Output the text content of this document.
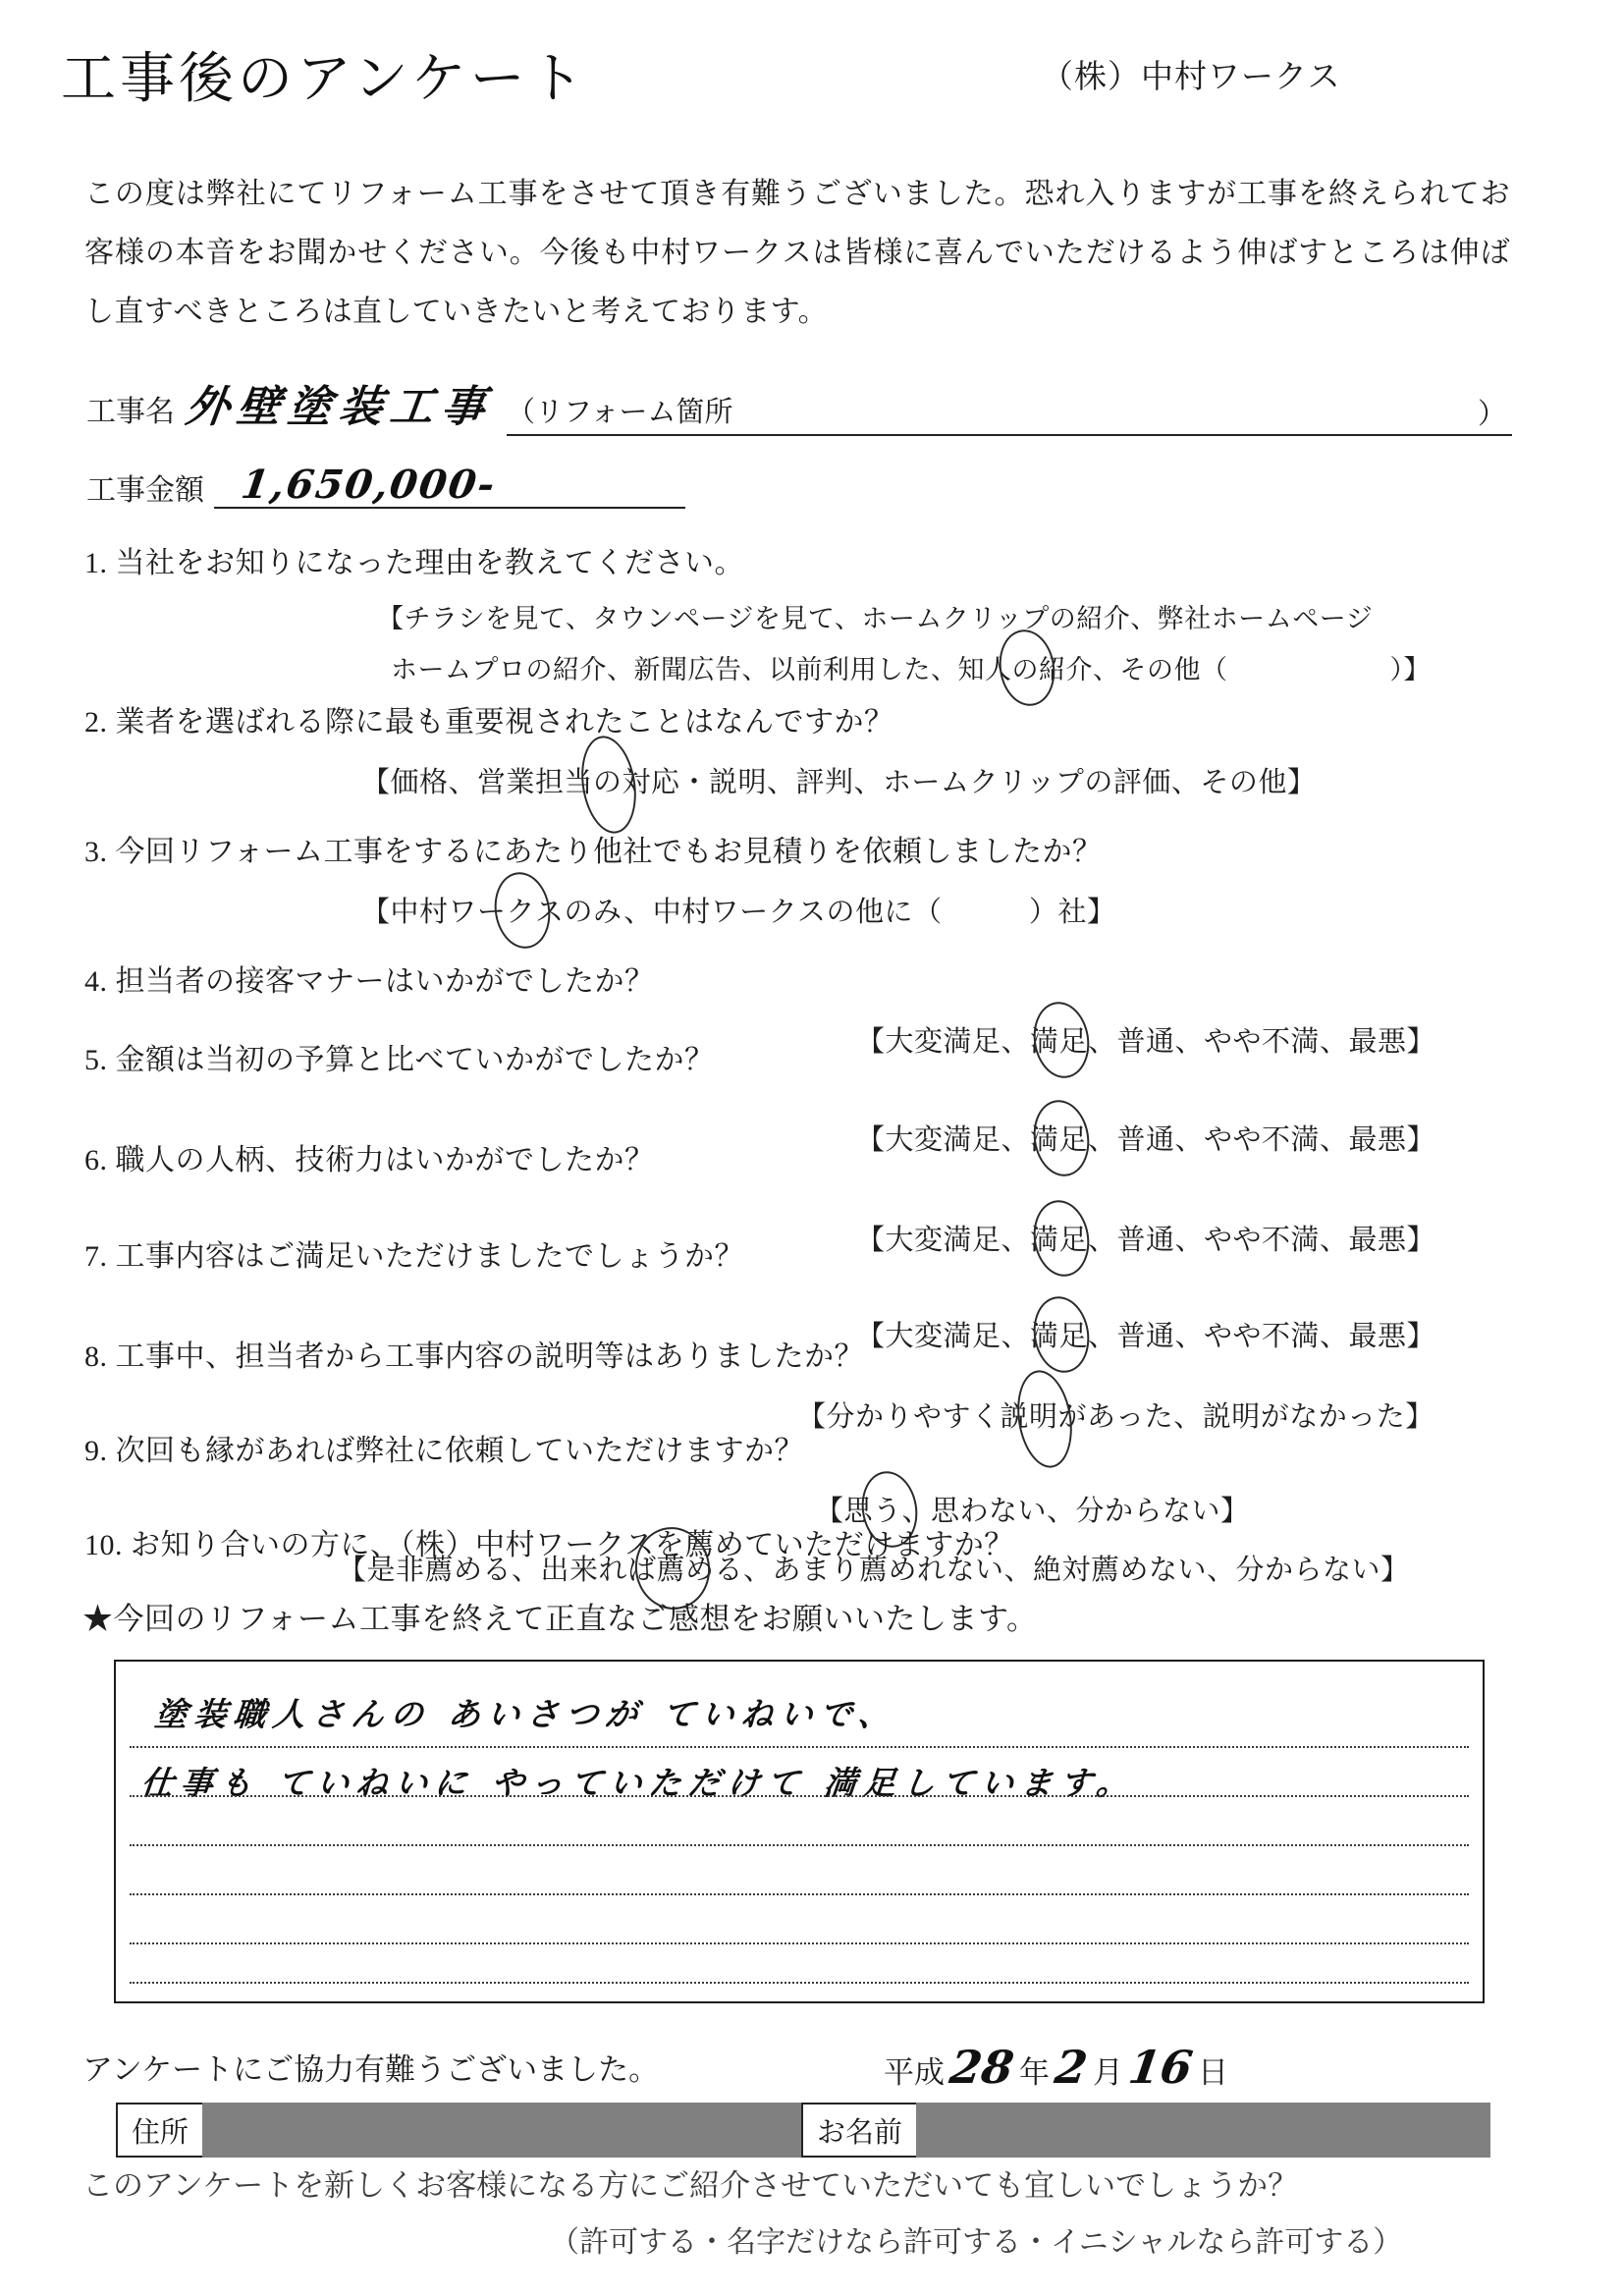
工事後のアンケート	（株）中村ワークス
この度は弊社にてリフォーム工事をさせて頂き有難うございました。恐れ入りますが工事を終えられてお客様の本音をお聞かせください。今後も中村ワークスは皆様に喜んでいただけるよう伸ばすところは伸ばし直すべきところは直していきたいと考えております。
工事名 外壁塗装工事 （リフォーム箇所	）
工事金額 1,650,000-
1. 当社をお知りになった理由を教えてください。
【チラシを見て、タウンページを見て、ホームクリップの紹介、弊社ホームページ
ホームプロの紹介、新聞広告、以前利用した、知人の紹介、その他（　　　　　　）】
2. 業者を選ばれる際に最も重要視されたことはなんですか？
【価格、営業担当の対応・説明、評判、ホームクリップの評価、その他】
3. 今回リフォーム工事をするにあたり他社でもお見積りを依頼しましたか？
【中村ワークスのみ、中村ワークスの他に（　　　）社】
4. 担当者の接客マナーはいかがでしたか？
【大変満足、満足、普通、やや不満、最悪】
5. 金額は当初の予算と比べていかがでしたか？
【大変満足、満足、普通、やや不満、最悪】
6. 職人の人柄、技術力はいかがでしたか？
【大変満足、満足、普通、やや不満、最悪】
7. 工事内容はご満足いただけましたでしょうか？
【大変満足、満足、普通、やや不満、最悪】
8. 工事中、担当者から工事内容の説明等はありましたか？
【分かりやすく説明があった、説明がなかった】
9. 次回も縁があれば弊社に依頼していただけますか？
【思う、思わない、分からない】
10. お知り合いの方に、（株）中村ワークスを薦めていただけますか？
【是非薦める、出来れば薦める、あまり薦めれない、絶対薦めない、分からない】
★今回のリフォーム工事を終えて正直なご感想をお願いいたします。
塗装職人さんの あいさつが ていねいで、
仕事も ていねいに やっていただけて 満足しています。
アンケートにご協力有難うございました。	平成 28 年 2 月 16 日
住所	お名前
このアンケートを新しくお客様になる方にご紹介させていただいても宜しいでしょうか？
（許可する・名字だけなら許可する・イニシャルなら許可する）
